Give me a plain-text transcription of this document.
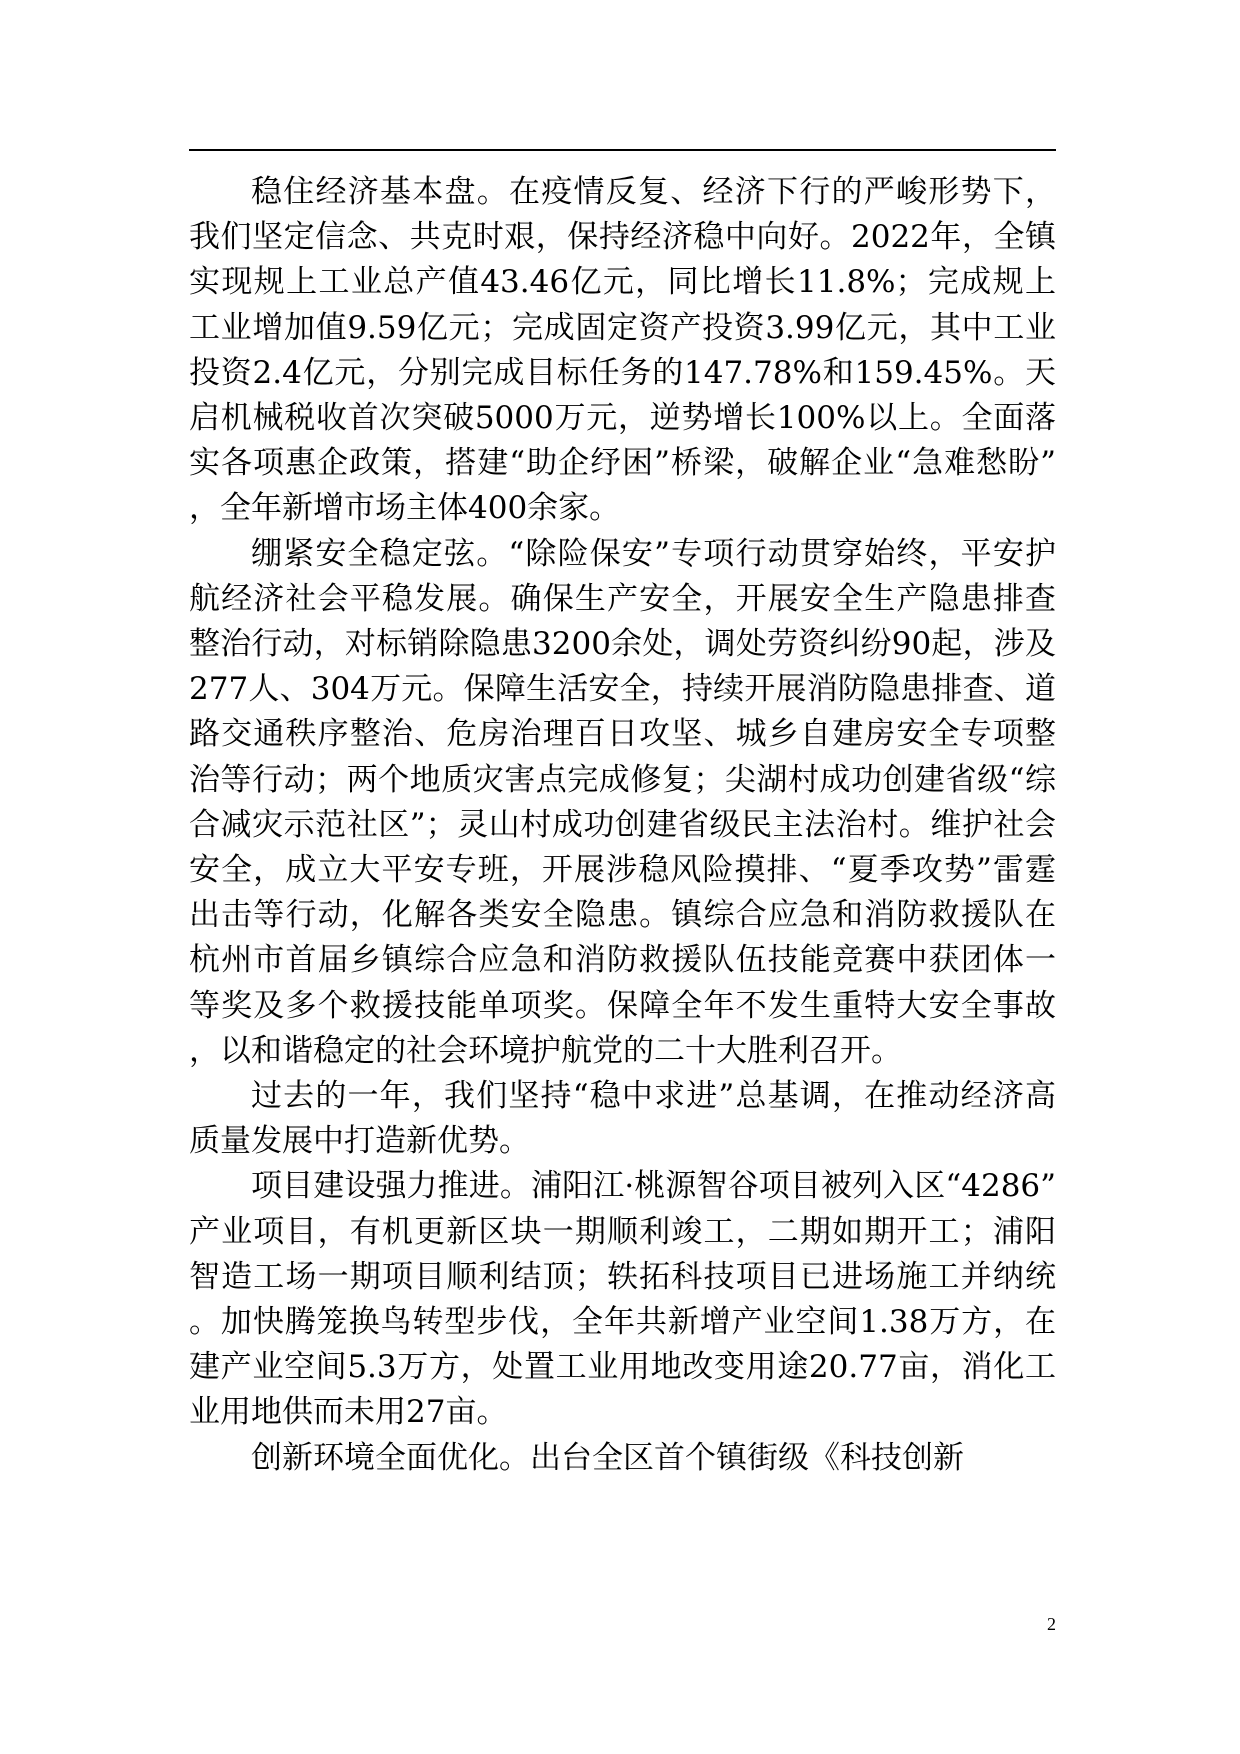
稳住经济基本盘。在疫情反复、经济下行的严峻形势下，我们坚定信念、共克时艰，保持经济稳中向好。2022年，全镇实现规上工业总产值43.46亿元，同比增长11.8%；完成规上工业增加值9.59亿元；完成固定资产投资3.99亿元，其中工业投资2.4亿元，分别完成目标任务的147.78%和159.45%。天启机械税收首次突破5000万元，逆势增长100%以上。全面落实各项惠企政策，搭建“助企纾困”桥梁，破解企业“急难愁盼”，全年新增市场主体400余家。

绷紧安全稳定弦。“除险保安”专项行动贯穿始终，平安护航经济社会平稳发展。确保生产安全，开展安全生产隐患排查整治行动，对标销除隐患3200余处，调处劳资纠纷90起，涉及277人、304万元。保障生活安全，持续开展消防隐患排查、道路交通秩序整治、危房治理百日攻坚、城乡自建房安全专项整治等行动；两个地质灾害点完成修复；尖湖村成功创建省级“综合减灾示范社区”；灵山村成功创建省级民主法治村。维护社会安全，成立大平安专班，开展涉稳风险摸排、“夏季攻势”雷霆出击等行动，化解各类安全隐患。镇综合应急和消防救援队在杭州市首届乡镇综合应急和消防救援队伍技能竞赛中获团体一等奖及多个救援技能单项奖。保障全年不发生重特大安全事故，以和谐稳定的社会环境护航党的二十大胜利召开。

过去的一年，我们坚持“稳中求进”总基调，在推动经济高质量发展中打造新优势。

项目建设强力推进。浦阳江·桃源智谷项目被列入区“4286”产业项目，有机更新区块一期顺利竣工，二期如期开工；浦阳智造工场一期项目顺利结顶；轶拓科技项目已进场施工并纳统。加快腾笼换鸟转型步伐，全年共新增产业空间1.38万方，在建产业空间5.3万方，处置工业用地改变用途20.77亩，消化工业用地供而未用27亩。

创新环境全面优化。出台全区首个镇街级《科技创新

2
